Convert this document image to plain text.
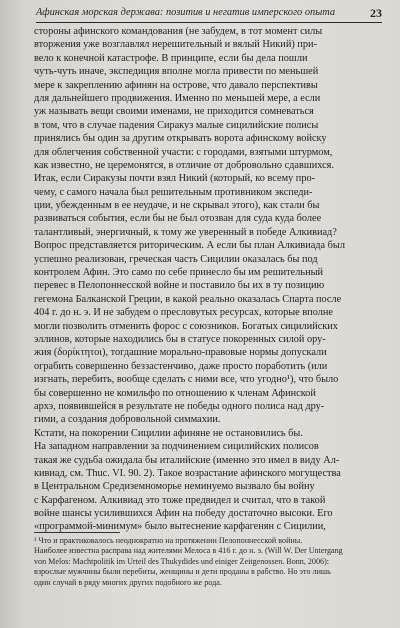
Афинская морская держава: позитив и негатив имперского опыта	23
стороны афинского командования (не забудем, в тот момент силы
вторжения уже возглавлял нерешительный и вялый Никий) при-
вело к конечной катастрофе. В принципе, если бы дела пошли
чуть-чуть иначе, экспедиция вполне могла привести по меньшей
мере к закреплению афинян на острове, что давало перспективы
для дальнейшего продвижения. Именно по меньшей мере, а если
уж называть вещи своими именами, не приходится сомневаться
в том, что в случае падения Сиракуз малые сицилийские полисы
принялись бы один за другим открывать ворота афинскому войску
для облегчения собственной участи: с городами, взятыми штурмом,
как известно, не церемонятся, в отличие от добровольно сдавшихся.
Итак, если Сиракузы почти взял Никий (который, ко всему про-
чему, с самого начала был решительным противником экспеди-
ции, убежденным в ее неудаче, и не скрывал этого), как стали бы
развиваться события, если бы не был отозван для суда куда более
талантливый, энергичный, к тому же уверенный в победе Алкивиад?
Вопрос представляется риторическим. А если бы план Алкивиада был
успешно реализован, греческая часть Сицилии оказалась бы под
контролем Афин. Это само по себе принесло бы им решительный
перевес в Пелопоннесской войне и поставило бы их в ту позицию
гегемона Балканской Греции, в какой реально оказалась Спарта после
404 г. до н. э. И не забудем о пресловутых ресурсах, которые вполне
могли позволить отменить форос с союзников. Богатых сицилийских
эллинов, которые находились бы в статусе покоренных силой ору-
жия (δορίκτητοι), тогдашние морально-правовые нормы допускали
ограбить совершенно беззастенчиво, даже просто поработить (или
изгнать, перебить, вообще сделать с ними все, что угодно¹), что было
бы совершенно не комильфо по отношению к членам Афинской
архэ, появившейся в результате не победы одного полиса над дру-
гими, а создания добровольной симмахии.
Кстати, на покорении Сицилии афиняне не остановились бы.
На западном направлении за подчинением сицилийских полисов
такая же судьба ожидала бы италийские (именно это имел в виду Ал-
кивиад, см. Thuc. VI. 90. 2). Такое возрастание афинского могущества
в Центральном Средиземноморье неминуемо вызвало бы войну
с Карфагеном. Алкивиад это тоже предвидел и считал, что в такой
войне шансы усилившихся Афин на победу достаточно высоки. Его
«программой-минимум» было вытеснение карфагенян с Сицилии,
¹ Что и практиковалось неоднократно на протяжении Пелопоннесской войны.
Наиболее известна расправа над жителями Мелоса в 416 г. до н. э. (Will W. Der Untergang
von Melos: Machtpolitik im Urteil des Thukydides und einiger Zeitgenossen. Bonn, 2006):
взрослые мужчины были перебиты, женщины и дети проданы в рабство. Но это лишь
один случай в ряду многих других подобного же рода.
